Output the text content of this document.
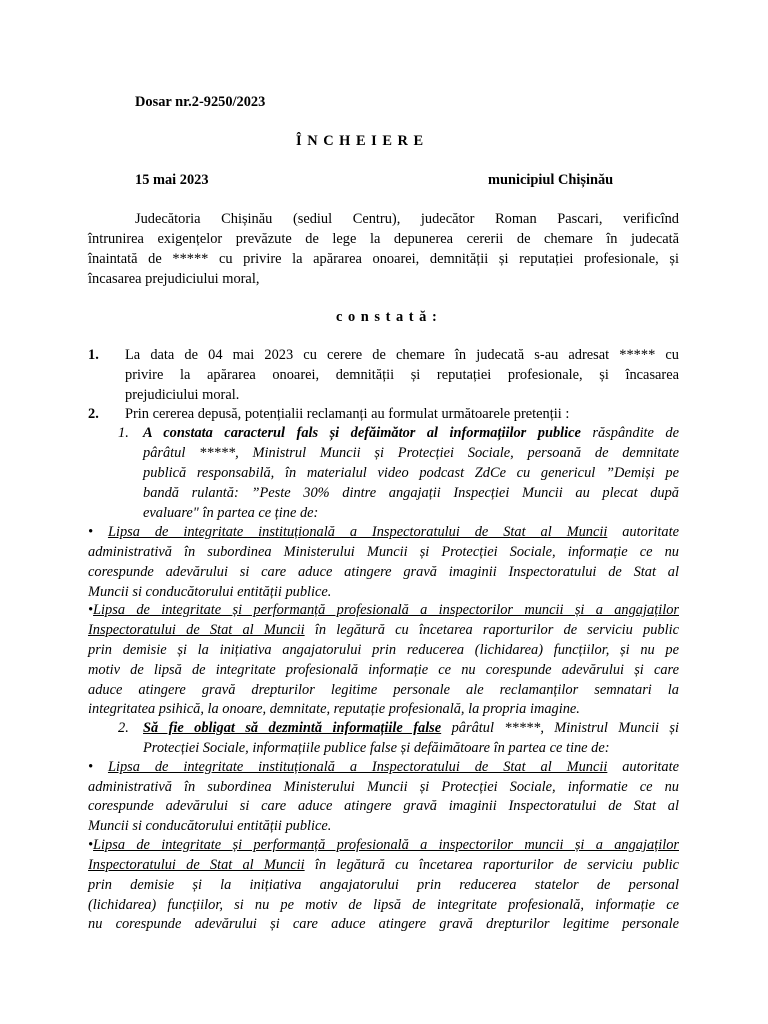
Dosar nr.2-9250/2023
Î N C H E I E R E
15 mai 2023	municipiul Chișinău
Judecătoria Chișinău (sediul Centru), judecător Roman Pascari, verificînd
întrunirea exigențelor prevăzute de lege la depunerea cererii de chemare în judecată
înaintată de ***** cu privire la apărarea onoarei, demnității și reputației profesionale, și
încasarea prejudiciului moral,
c o n s t a t ă :
1. La data de 04 mai 2023 cu cerere de chemare în judecată s-au adresat ***** cu
privire la apărarea onoarei, demnității și reputației profesionale, și încasarea
prejudiciului moral.
2. Prin cererea depusă, potențialii reclamanți au formulat următoarele pretenții :
1. A constata caracterul fals și defăimător al informațiilor publice răspândite de
pârâtul *****, Ministrul Muncii și Protecției Sociale, persoană de demnitate
publică responsabilă, în materialul video podcast ZdCe cu genericul ”Demiși pe
bandă rulantă: ”Peste 30% dintre angajații Inspecției Muncii au plecat după
evaluare" în partea ce ține de:
• Lipsa de integritate instituțională a Inspectoratului de Stat al Muncii autoritate
administrativă în subordinea Ministerului Muncii și Protecției Sociale, informație ce nu
corespunde adevărului si care aduce atingere gravă imaginii Inspectoratului de Stat al
Muncii si conducătorului entității publice.
•Lipsa de integritate și performanță profesională a inspectorilor muncii și a angajaților
Inspectoratului de Stat al Muncii în legătură cu încetarea raporturilor de serviciu public
prin demisie și la inițiativa angajatorului prin reducerea (lichidarea) funcțiilor, și nu pe
motiv de lipsă de integritate profesională informație ce nu corespunde adevărului și care
aduce atingere gravă drepturilor legitime personale ale reclamanților semnatari la
integritatea psihică, la onoare, demnitate, reputație profesională, la propria imagine.
2. Să fie obligat să dezmintă informațiile false pârâtul *****, Ministrul Muncii și
Protecției Sociale, informațiile publice false și defăimătoare în partea ce tine de:
• Lipsa de integritate instituțională a Inspectoratului de Stat al Muncii autoritate
administrativă în subordinea Ministerului Muncii și Protecției Sociale, informatie ce nu
corespunde adevărului si care aduce atingere gravă imaginii Inspectoratului de Stat al
Muncii si conducătorului entității publice.
•Lipsa de integritate și performanță profesională a inspectorilor muncii și a angajaților
Inspectoratului de Stat al Muncii în legătură cu încetarea raporturilor de serviciu public
prin demisie și la inițiativa angajatorului prin reducerea statelor de personal
(lichidarea) funcțiilor, si nu pe motiv de lipsă de integritate profesională, informație ce
nu corespunde adevărului și care aduce atingere gravă drepturilor legitime personale
